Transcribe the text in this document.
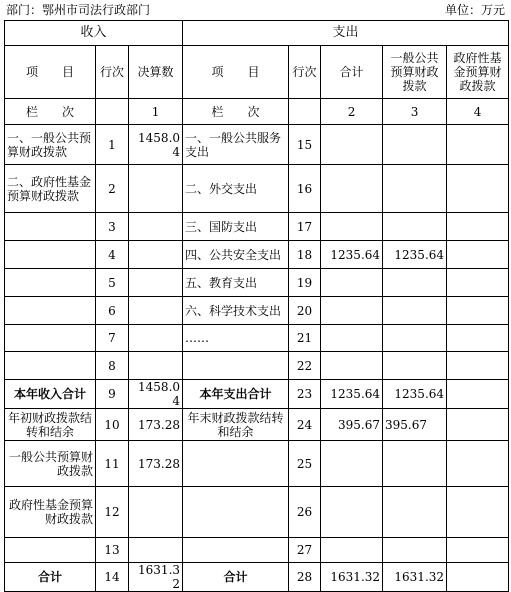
部门：鄂州市司法行政部门	单位：万元
收入			支出				
项　　目	行次	决算数	项　　目	行次	合计	一般公共预算财政拨款	政府性基金预算财政拨款
栏　　次		1	栏　　次		2	3	4
一、一般公共预算财政拨款	1	1458.04	一、一般公共服务支出	15			
二、政府性基金预算财政拨款	2		二、外交支出	16			
	3		三、国防支出	17			
	4		四、公共安全支出	18	1235.64	1235.64	
	5		五、教育支出	19			
	6		六、科学技术支出	20			
	7		……	21			
	8			22			
本年收入合计	9	1458.04	本年支出合计	23	1235.64	1235.64	
年初财政拨款结转和结余	10	173.28	年末财政拨款结转和结余	24	395.67	395.67	
一般公共预算财政拨款	11	173.28		25			
政府性基金预算财政拨款	12			26			
	13			27			
合计	14	1631.32	合计	28	1631.32	1631.32	
